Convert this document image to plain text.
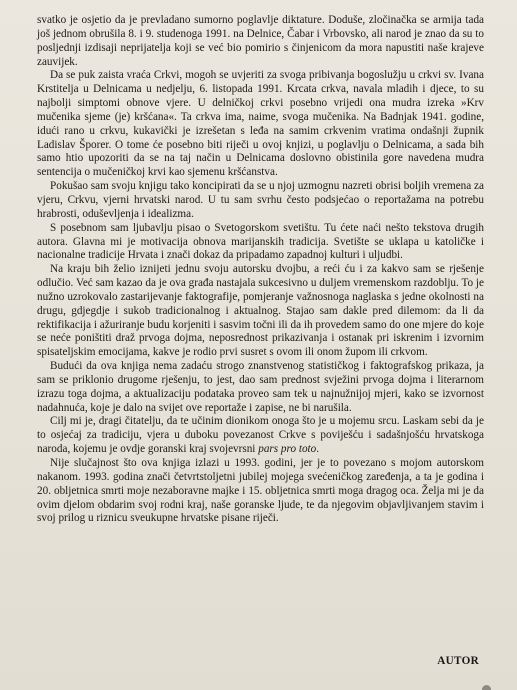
svatko je osjetio da je prevladano sumorno poglavlje diktature. Doduše, zločinačka se armija tada još jednom obrušila 8. i 9. studenoga 1991. na Delnice, Čabar i Vrbovsko, ali narod je znao da su to posljednji izdisaji neprijatelja koji se već bio pomirio s činjenicom da mora napustiti naše krajeve zauvijek.

Da se puk zaista vraća Crkvi, mogoh se uvjeriti za svoga pribivanja bogoslužju u crkvi sv. Ivana Krstitelja u Delnicama u nedjelju, 6. listopada 1991. Krcata crkva, navala mladih i djece, to su najbolji simptomi obnove vjere. U delničkoj crkvi posebno vrijedi ona mudra izreka »Krv mučenika sjeme (je) kršćana«. Ta crkva ima, naime, svoga mučenika. Na Badnjak 1941. godine, idući rano u crkvu, kukavički je izrešetan s leđa na samim crkvenim vratima ondašnji župnik Ladislav Šporer. O tome će posebno biti riječi u ovoj knjizi, u poglavlju o Delnicama, a sada bih samo htio upozoriti da se na taj način u Delnicama doslovno obistinila gore navedena mudra sentencija o mučeničkoj krvi kao sjemenu kršćanstva.

Pokušao sam svoju knjigu tako koncipirati da se u njoj uzmognu nazreti obrisi boljih vremena za vjeru, Crkvu, vjerni hrvatski narod. U tu sam svrhu često podsjećao o reportažama na potrebu hrabrosti, oduševljenja i idealizma.

S posebnom sam ljubavlju pisao o Svetogorskom svetištu. Tu ćete naći nešto tekstova drugih autora. Glavna mi je motivacija obnova marijanskih tradicija. Svetište se uklapa u katoličke i nacionalne tradicije Hrvata i znači dokaz da pripadamo zapadnoj kulturi i uljudbi.

Na kraju bih želio iznijeti jednu svoju autorsku dvojbu, a reći ću i za kakvo sam se rješenje odlučio. Već sam kazao da je ova građa nastajala sukcesivno u duljem vremenskom razdoblju. To je nužno uzrokovalo zastarijevanje faktografije, pomjeranje važnosnoga naglaska s jedne okolnosti na drugu, gdjegdje i sukob tradicionalnog i aktualnog. Stajao sam dakle pred dilemom: da li da rektifikacija i ažuriranje budu korjeniti i sasvim točni ili da ih provedem samo do one mjere do koje se neće poništiti draž prvoga dojma, neposrednost prikazivanja i ostanak pri iskrenim i izvornim spisateljskim emocijama, kakve je rodio prvi susret s ovom ili onom župom ili crkvom.

Budući da ova knjiga nema zadaću strogo znanstvenog statističkog i faktografskog prikaza, ja sam se priklonio drugome rješenju, to jest, dao sam prednost svježini prvoga dojma i literarnom izrazu toga dojma, a aktualizaciju podataka proveo sam tek u najnužnijoj mjeri, kako se izvornost nadahnuća, koje je dalo na svijet ove reportaže i zapise, ne bi narušila.

Cilj mi je, dragi čitatelju, da te učinim dionikom onoga što je u mojemu srcu. Laskam sebi da je to osjećaj za tradiciju, vjera u duboku povezanost Crkve s poviješću i sadašnjošću hrvatskoga naroda, kojemu je ovdje goranski kraj svojevrsni pars pro toto.

Nije slučajnost što ova knjiga izlazi u 1993. godini, jer je to povezano s mojom autorskom nakanom. 1993. godina znači četvrtstoljetni jubilej mojega svećeničkog zaređenja, a ta je godina i 20. obljetnica smrti moje nezaboravne majke i 15. obljetnica smrti moga dragog oca. Želja mi je da ovim djelom obdarim svoj rodni kraj, naše goranske ljude, te da njegovim objavljivanjem stavim i svoj prilog u riznicu sveukupne hrvatske pisane riječi.

AUTOR
